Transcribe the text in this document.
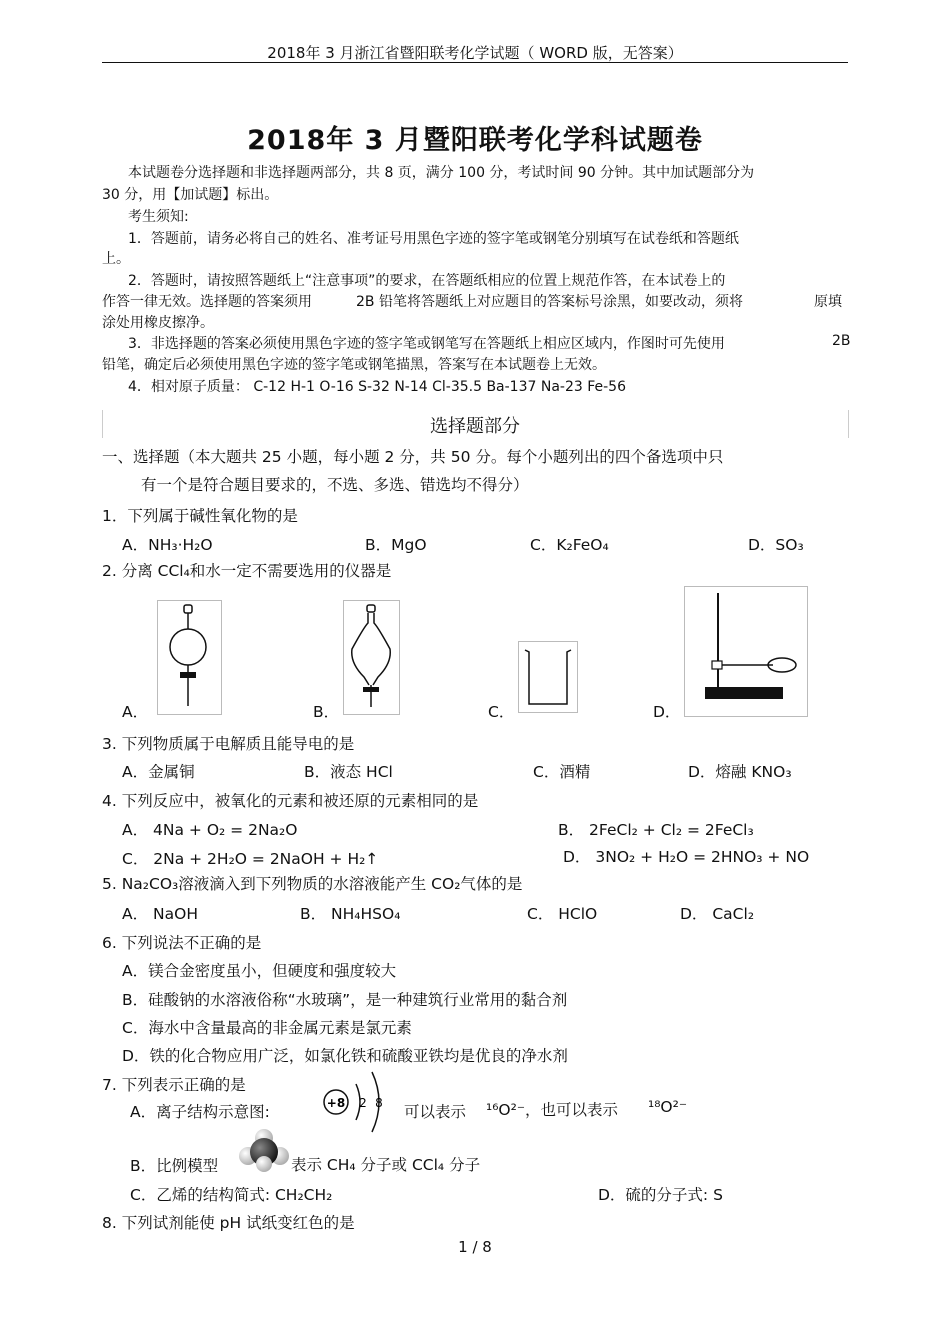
2018年 3 月浙江省暨阳联考化学试题（ WORD 版，无答案）
2018年 3 月暨阳联考化学科试题卷
本试题卷分选择题和非选择题两部分，共 8 页，满分 100 分，考试时间 90 分钟。其中加试题部分为
30 分，用【加试题】标出。
考生须知:
1．答题前，请务必将自己的姓名、准考证号用黑色字迹的签字笔或钢笔分别填写在试卷纸和答题纸
上。
2．答题时，请按照答题纸上“注意事项”的要求，在答题纸相应的位置上规范作答，在本试卷上的
作答一律无效。选择题的答案须用	2B 铅笔将答题纸上对应题目的答案标号涂黑，如要改动，须将	原填
涂处用橡皮擦净。
3．非选择题的答案必须使用黑色字迹的签字笔或钢笔写在答题纸上相应区域内，作图时可先使用	2B
铅笔，确定后必须使用黑色字迹的签字笔或钢笔描黑，答案写在本试题卷上无效。
4．相对原子质量： C-12 H-1 O-16 S-32 N-14 Cl-35.5 Ba-137 Na-23 Fe-56
选择题部分
一、选择题（本大题共 25 小题，每小题 2 分，共 50 分。每个小题列出的四个备选项中只
有一个是符合题目要求的，不选、多选、错选均不得分）
1．下列属于碱性氧化物的是
A．NH₃·H₂O	B．MgO	C．K₂FeO₄	D．SO₃
2. 分离 CCl₄和水一定不需要选用的仪器是
A．	B．	C．	D．
3. 下列物质属于电解质且能导电的是
A．金属铜	B．液态 HCl	C．酒精	D．熔融 KNO₃
4. 下列反应中，被氧化的元素和被还原的元素相同的是
A． 4Na + O₂ = 2Na₂O	B． 2FeCl₂ + Cl₂ = 2FeCl₃
C． 2Na + 2H₂O = 2NaOH + H₂↑	D． 3NO₂ + H₂O = 2HNO₃ + NO
5. Na₂CO₃溶液滴入到下列物质的水溶液能产生 CO₂气体的是
A． NaOH	B． NH₄HSO₄	C． HClO	D． CaCl₂
6. 下列说法不正确的是
A．镁合金密度虽小，但硬度和强度较大
B．硅酸钠的水溶液俗称“水玻璃”，是一种建筑行业常用的黏合剂
C．海水中含量最高的非金属元素是氯元素
D．铁的化合物应用广泛，如氯化铁和硫酸亚铁均是优良的净水剂
7. 下列表示正确的是
A．离子结构示意图:	+8 2 8 可以表示 ¹⁶O²⁻，也可以表示 ¹⁸O²⁻
B．比例模型	表示 CH₄ 分子或 CCl₄ 分子
C．乙烯的结构简式: CH₂CH₂	D．硫的分子式: S
8. 下列试剂能使 pH 试纸变红色的是
1 / 8
